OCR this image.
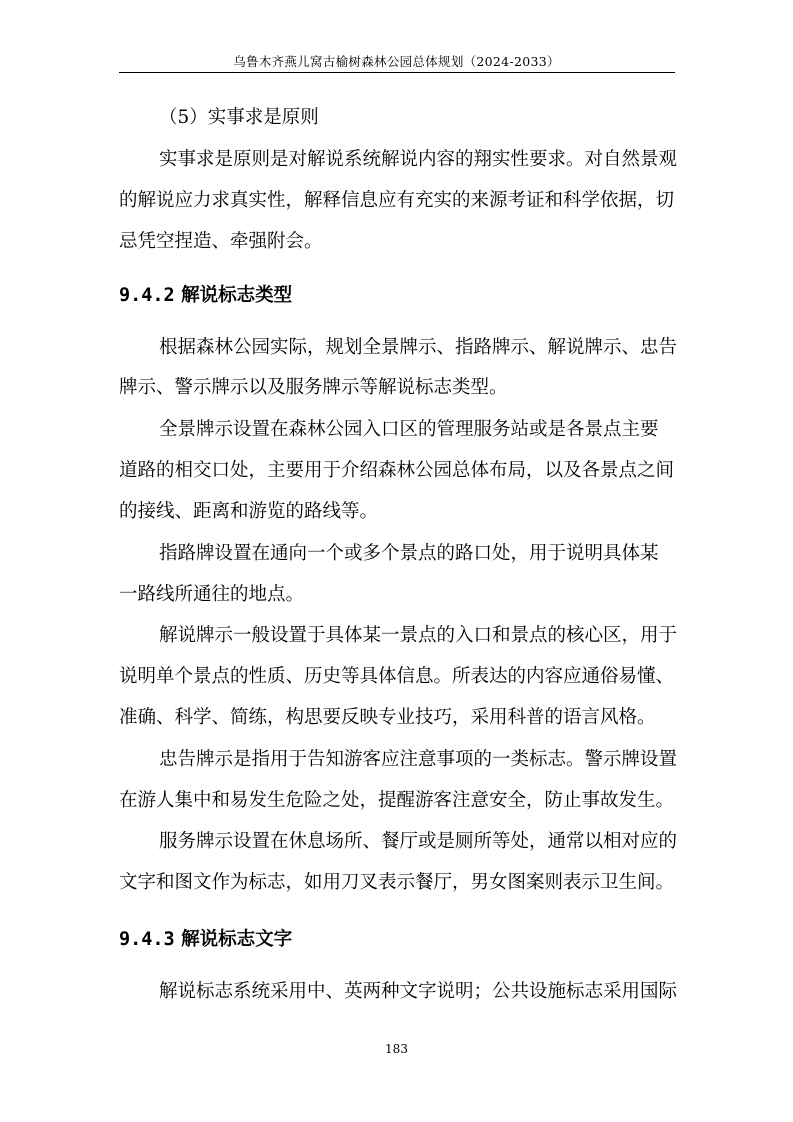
乌鲁木齐燕儿窝古榆树森林公园总体规划（2024-2033）
（5）实事求是原则
实事求是原则是对解说系统解说内容的翔实性要求。对自然景观
的解说应力求真实性，解释信息应有充实的来源考证和科学依据，切
忌凭空捏造、牵强附会。
9.4.2 解说标志类型
根据森林公园实际，规划全景牌示、指路牌示、解说牌示、忠告
牌示、警示牌示以及服务牌示等解说标志类型。
全景牌示设置在森林公园入口区的管理服务站或是各景点主要
道路的相交口处，主要用于介绍森林公园总体布局，以及各景点之间
的接线、距离和游览的路线等。
指路牌设置在通向一个或多个景点的路口处，用于说明具体某
一路线所通往的地点。
解说牌示一般设置于具体某一景点的入口和景点的核心区，用于
说明单个景点的性质、历史等具体信息。所表达的内容应通俗易懂、
准确、科学、简练，构思要反映专业技巧，采用科普的语言风格。
忠告牌示是指用于告知游客应注意事项的一类标志。警示牌设置
在游人集中和易发生危险之处，提醒游客注意安全，防止事故发生。
服务牌示设置在休息场所、餐厅或是厕所等处，通常以相对应的
文字和图文作为标志，如用刀叉表示餐厅，男女图案则表示卫生间。
9.4.3 解说标志文字
解说标志系统采用中、英两种文字说明；公共设施标志采用国际
183
